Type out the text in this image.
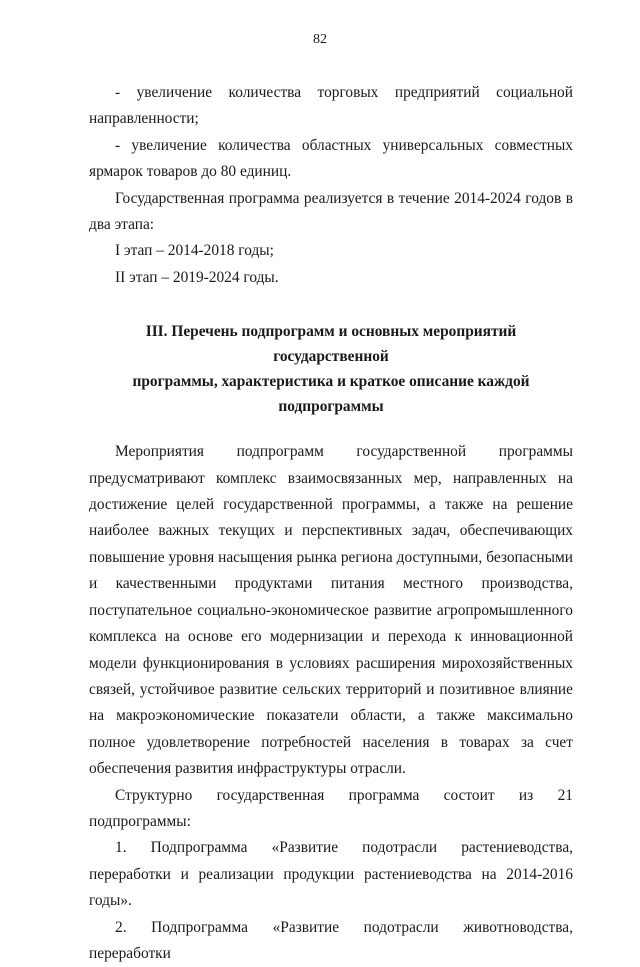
82

- увеличение количества торговых предприятий социальной направленности;

- увеличение количества областных универсальных совместных ярмарок товаров до 80 единиц.

Государственная программа реализуется в течение 2014-2024 годов в два этапа:

I этап – 2014-2018 годы;

II этап – 2019-2024 годы.

III. Перечень подпрограмм и основных мероприятий государственной
программы, характеристика и краткое описание каждой
подпрограммы

Мероприятия подпрограмм государственной программы предусматривают комплекс взаимосвязанных мер, направленных на достижение целей государственной программы, а также на решение наиболее важных текущих и перспективных задач, обеспечивающих повышение уровня насыщения рынка региона доступными, безопасными и качественными продуктами питания местного производства, поступательное социально-экономическое развитие агропромышленного комплекса на основе его модернизации и перехода к инновационной модели функционирования в условиях расширения мирохозяйственных связей, устойчивое развитие сельских территорий и позитивное влияние на макроэкономические показатели области, а также максимально полное удовлетворение потребностей населения в товарах за счет обеспечения развития инфраструктуры отрасли.

Структурно государственная программа состоит из 21 подпрограммы:

1. Подпрограмма «Развитие подотрасли растениеводства, переработки и реализации продукции растениеводства на 2014-2016 годы».

2. Подпрограмма «Развитие подотрасли животноводства, переработки
